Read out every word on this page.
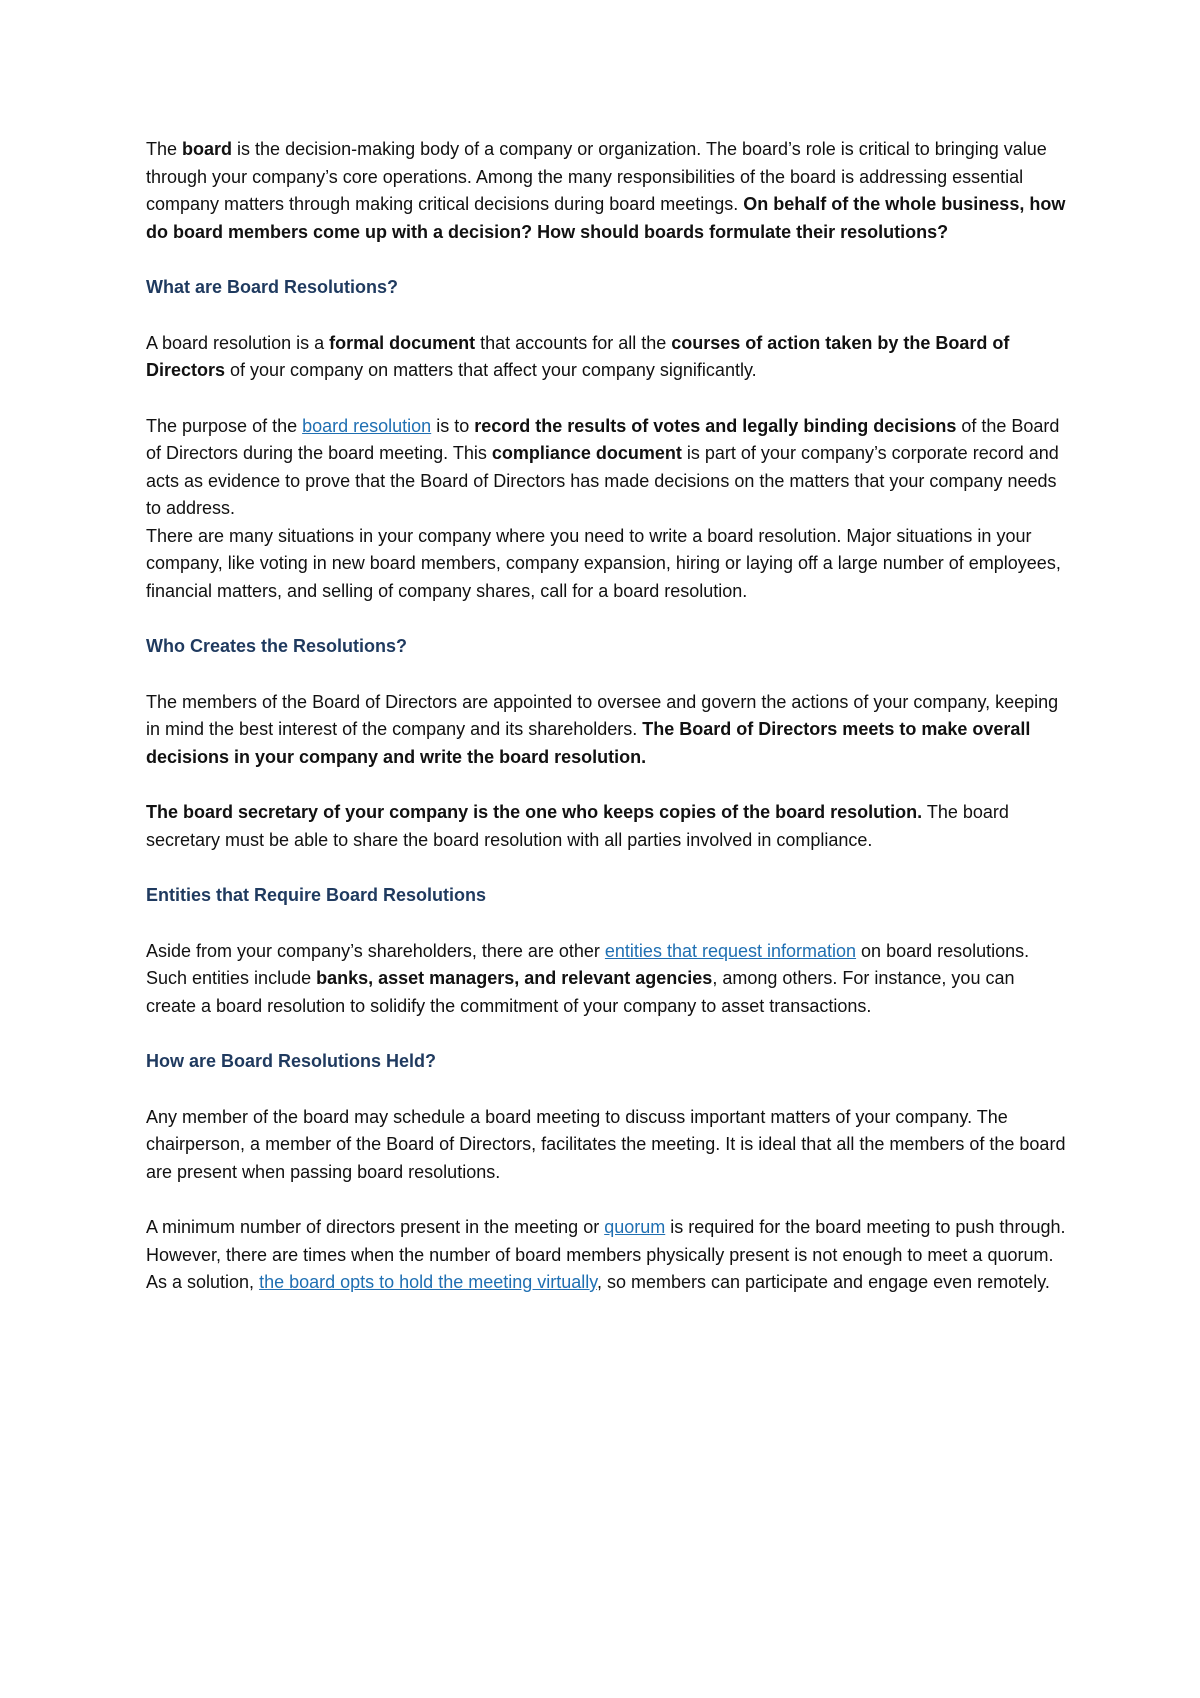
The board is the decision-making body of a company or organization. The board’s role is critical to bringing value through your company’s core operations. Among the many responsibilities of the board is addressing essential company matters through making critical decisions during board meetings. On behalf of the whole business, how do board members come up with a decision? How should boards formulate their resolutions?

What are Board Resolutions?

A board resolution is a formal document that accounts for all the courses of action taken by the Board of Directors of your company on matters that affect your company significantly.

The purpose of the board resolution is to record the results of votes and legally binding decisions of the Board of Directors during the board meeting. This compliance document is part of your company’s corporate record and acts as evidence to prove that the Board of Directors has made decisions on the matters that your company needs to address.

There are many situations in your company where you need to write a board resolution. Major situations in your company, like voting in new board members, company expansion, hiring or laying off a large number of employees, financial matters, and selling of company shares, call for a board resolution.

Who Creates the Resolutions?

The members of the Board of Directors are appointed to oversee and govern the actions of your company, keeping in mind the best interest of the company and its shareholders. The Board of Directors meets to make overall decisions in your company and write the board resolution.

The board secretary of your company is the one who keeps copies of the board resolution. The board secretary must be able to share the board resolution with all parties involved in compliance.

Entities that Require Board Resolutions

Aside from your company’s shareholders, there are other entities that request information on board resolutions. Such entities include banks, asset managers, and relevant agencies, among others. For instance, you can create a board resolution to solidify the commitment of your company to asset transactions.

How are Board Resolutions Held?

Any member of the board may schedule a board meeting to discuss important matters of your company. The chairperson, a member of the Board of Directors, facilitates the meeting. It is ideal that all the members of the board are present when passing board resolutions.

A minimum number of directors present in the meeting or quorum is required for the board meeting to push through. However, there are times when the number of board members physically present is not enough to meet a quorum. As a solution, the board opts to hold the meeting virtually, so members can participate and engage even remotely.
